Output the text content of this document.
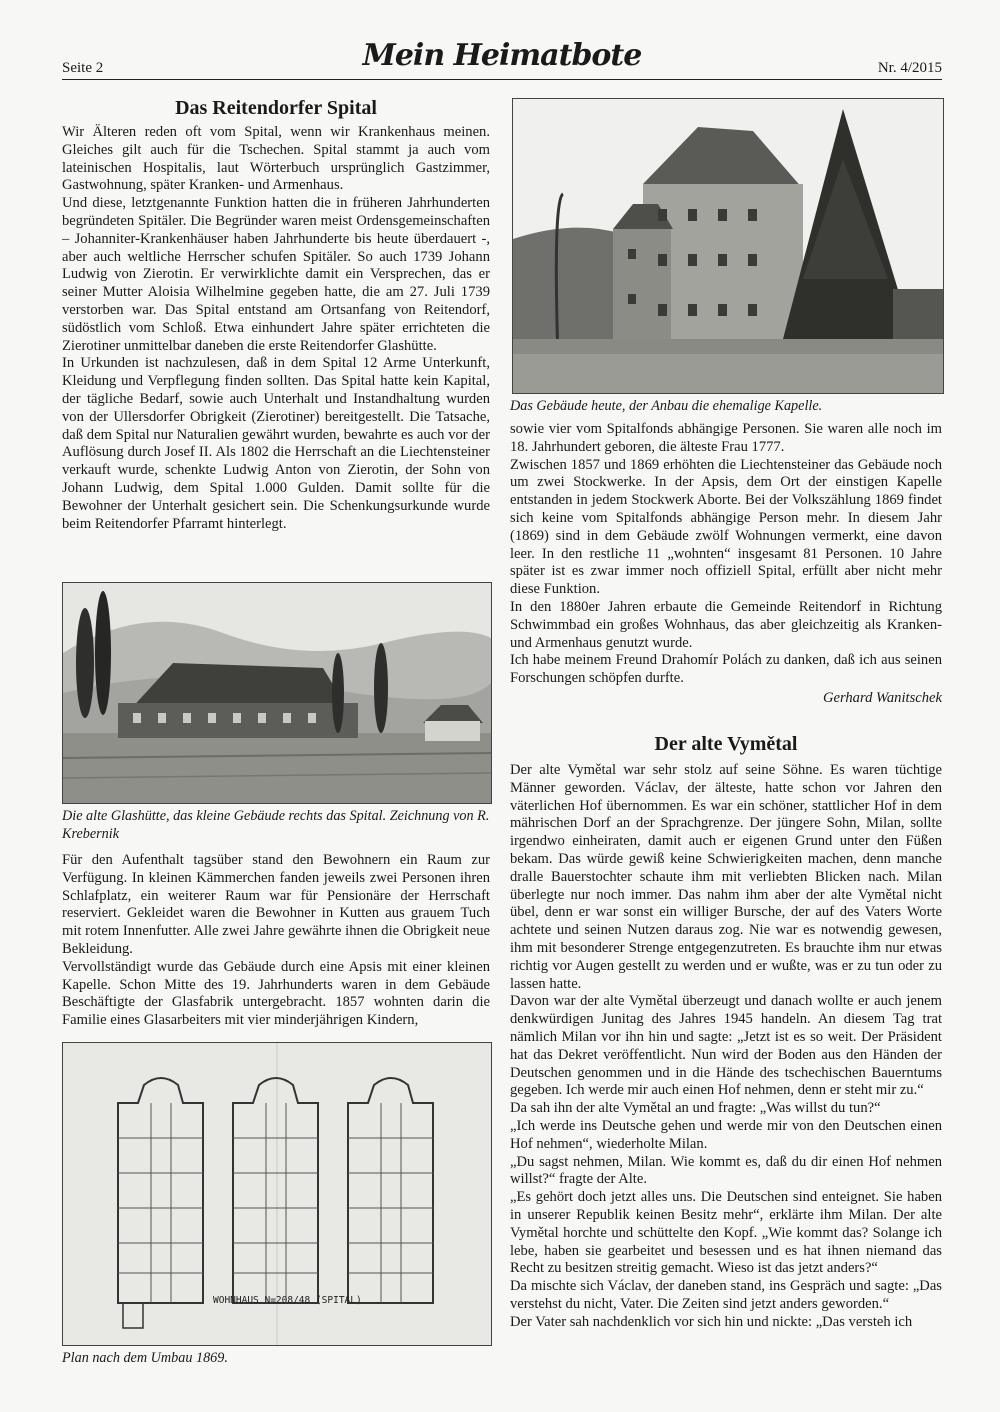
Seite 2	Mein Heimatbote	Nr. 4/2015
Das Reitendorfer Spital

Wir Älteren reden oft vom Spital, wenn wir Krankenhaus meinen. Gleiches gilt auch für die Tschechen. Spital stammt ja auch vom lateinischen Hospitalis, laut Wörterbuch ursprünglich Gastzimmer, Gastwohnung, später Kranken- und Armenhaus.

Und diese, letztgenannte Funktion hatten die in früheren Jahrhunderten begründeten Spitäler. Die Begründer waren meist Ordensgemeinschaften – Johanniter-Krankenhäuser haben Jahrhunderte bis heute überdauert -, aber auch weltliche Herrscher schufen Spitäler. So auch 1739 Johann Ludwig von Zierotin. Er verwirklichte damit ein Versprechen, das er seiner Mutter Aloisia Wilhelmine gegeben hatte, die am 27. Juli 1739 verstorben war. Das Spital entstand am Ortsanfang von Reitendorf, südöstlich vom Schloß. Etwa einhundert Jahre später errichteten die Zierotiner unmittelbar daneben die erste Reitendorfer Glashütte.

In Urkunden ist nachzulesen, daß in dem Spital 12 Arme Unterkunft, Kleidung und Verpflegung finden sollten. Das Spital hatte kein Kapital, der tägliche Bedarf, sowie auch Unterhalt und Instandhaltung wurden von der Ullersdorfer Obrigkeit (Zierotiner) bereitgestellt. Die Tatsache, daß dem Spital nur Naturalien gewährt wurden, bewahrte es auch vor der Auflösung durch Josef II. Als 1802 die Herrschaft an die Liechtensteiner verkauft wurde, schenkte Ludwig Anton von Zierotin, der Sohn von Johann Ludwig, dem Spital 1.000 Gulden. Damit sollte für die Bewohner der Unterhalt gesichert sein. Die Schenkungsurkunde wurde beim Reitendorfer Pfarramt hinterlegt.

Die alte Glashütte, das kleine Gebäude rechts das Spital. Zeichnung von R. Krebernik

Für den Aufenthalt tagsüber stand den Bewohnern ein Raum zur Verfügung. In kleinen Kämmerchen fanden jeweils zwei Personen ihren Schlafplatz, ein weiterer Raum war für Pensionäre der Herrschaft reserviert. Gekleidet waren die Bewohner in Kutten aus grauem Tuch mit rotem Innenfutter. Alle zwei Jahre gewährte ihnen die Obrigkeit neue Bekleidung.

Vervollständigt wurde das Gebäude durch eine Apsis mit einer kleinen Kapelle. Schon Mitte des 19. Jahrhunderts waren in dem Gebäude Beschäftigte der Glasfabrik untergebracht. 1857 wohnten darin die Familie eines Glasarbeiters mit vier minderjährigen Kindern,

WOHNHAUS N=208/48 (SPITAL)
Plan nach dem Umbau 1869.
Das Gebäude heute, der Anbau die ehemalige Kapelle.

sowie vier vom Spitalfonds abhängige Personen. Sie waren alle noch im 18. Jahrhundert geboren, die älteste Frau 1777.

Zwischen 1857 und 1869 erhöhten die Liechtensteiner das Gebäude noch um zwei Stockwerke. In der Apsis, dem Ort der einstigen Kapelle entstanden in jedem Stockwerk Aborte. Bei der Volkszählung 1869 findet sich keine vom Spitalfonds abhängige Person mehr. In diesem Jahr (1869) sind in dem Gebäude zwölf Wohnungen vermerkt, eine davon leer. In den restliche 11 „wohnten“ insgesamt 81 Personen. 10 Jahre später ist es zwar immer noch offiziell Spital, erfüllt aber nicht mehr diese Funktion.

In den 1880er Jahren erbaute die Gemeinde Reitendorf in Richtung Schwimmbad ein großes Wohnhaus, das aber gleichzeitig als Kranken- und Armenhaus genutzt wurde.

Ich habe meinem Freund Drahomír Polách zu danken, daß ich aus seinen Forschungen schöpfen durfte.

Gerhard Wanitschek

Der alte Vymětal

Der alte Vymětal war sehr stolz auf seine Söhne. Es waren tüchtige Männer geworden. Václav, der älteste, hatte schon vor Jahren den väterlichen Hof übernommen. Es war ein schöner, stattlicher Hof in dem mährischen Dorf an der Sprachgrenze. Der jüngere Sohn, Milan, sollte irgendwo einheiraten, damit auch er eigenen Grund unter den Füßen bekam. Das würde gewiß keine Schwierigkeiten machen, denn manche dralle Bauerstochter schaute ihm mit verliebten Blicken nach. Milan überlegte nur noch immer. Das nahm ihm aber der alte Vymětal nicht übel, denn er war sonst ein williger Bursche, der auf des Vaters Worte achtete und seinen Nutzen daraus zog. Nie war es notwendig gewesen, ihm mit besonderer Strenge entgegenzutreten. Es brauchte ihm nur etwas richtig vor Augen gestellt zu werden und er wußte, was er zu tun oder zu lassen hatte.

Davon war der alte Vymětal überzeugt und danach wollte er auch jenem denkwürdigen Junitag des Jahres 1945 handeln. An diesem Tag trat nämlich Milan vor ihn hin und sagte: „Jetzt ist es so weit. Der Präsident hat das Dekret veröffentlicht. Nun wird der Boden aus den Händen der Deutschen genommen und in die Hände des tschechischen Bauerntums gegeben. Ich werde mir auch einen Hof nehmen, denn er steht mir zu.“

Da sah ihn der alte Vymětal an und fragte: „Was willst du tun?“

„Ich werde ins Deutsche gehen und werde mir von den Deutschen einen Hof nehmen“, wiederholte Milan.

„Du sagst nehmen, Milan. Wie kommt es, daß du dir einen Hof nehmen willst?“ fragte der Alte.

„Es gehört doch jetzt alles uns. Die Deutschen sind enteignet. Sie haben in unserer Republik keinen Besitz mehr“, erklärte ihm Milan. Der alte Vymětal horchte und schüttelte den Kopf. „Wie kommt das? Solange ich lebe, haben sie gearbeitet und besessen und es hat ihnen niemand das Recht zu besitzen streitig gemacht. Wieso ist das jetzt anders?“

Da mischte sich Václav, der daneben stand, ins Gespräch und sagte: „Das verstehst du nicht, Vater. Die Zeiten sind jetzt anders geworden.“

Der Vater sah nachdenklich vor sich hin und nickte: „Das versteh ich
